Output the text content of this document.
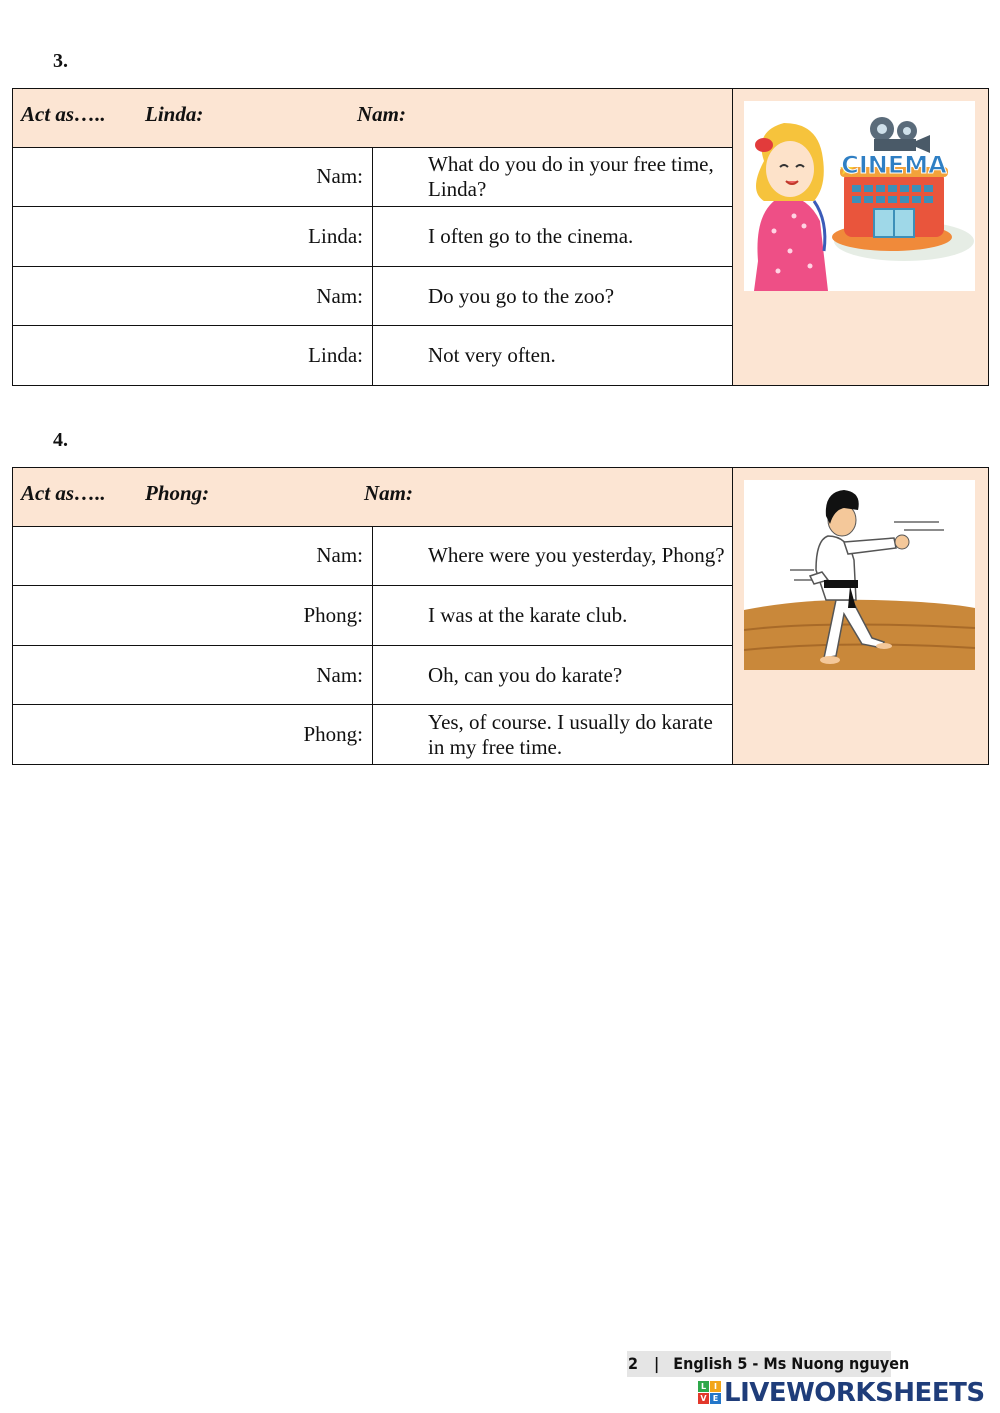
3.
Act as….. Linda: Nam:		CINEMA

Nam:	What do you do in your free time, Linda?	
Linda:	I often go to the cinema.	
Nam:	Do you go to the zoo?	
Linda:	Not very often.	
4.
Act as….. Phong: Nam:

Nam:	Where were you yesterday, Phong?	
Phong:	I was at the karate club.	
Nam:	Oh, can you do karate?	
Phong:	Yes, of course. I usually do karate in my free time.	
2 | English 5 - Ms Nuong nguyen
L I
V E LIVEWORKSHEETS
